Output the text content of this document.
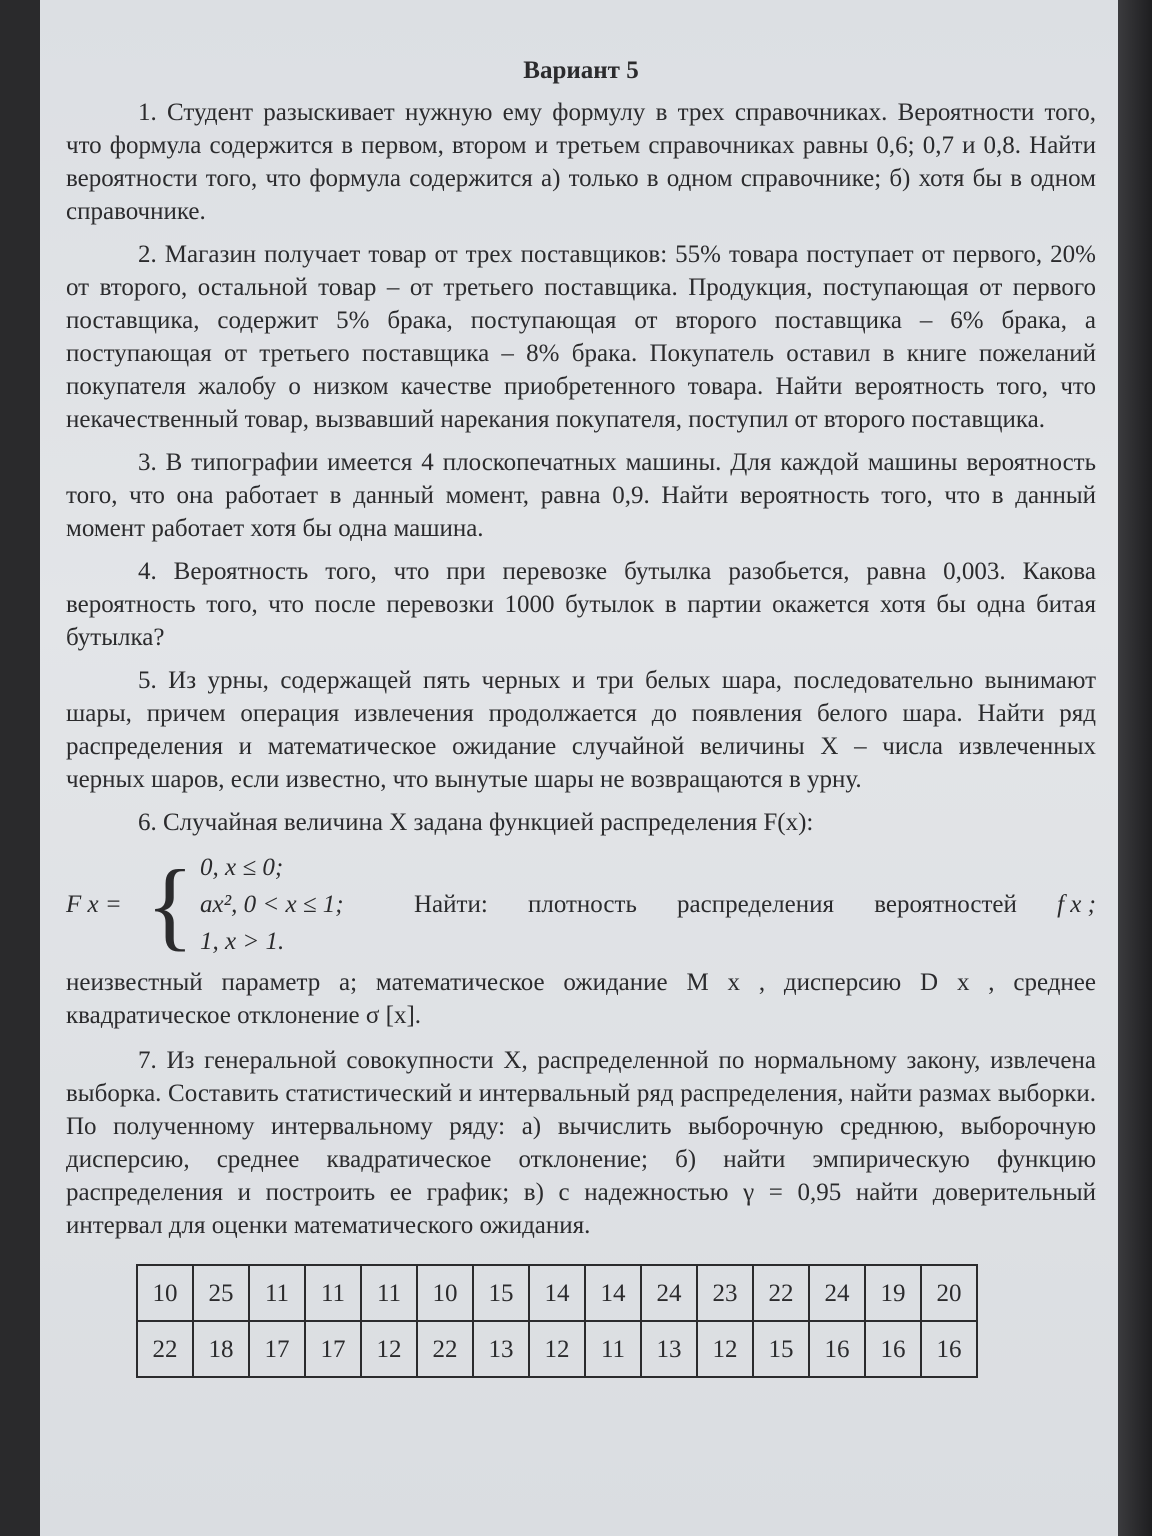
Вариант 5

1. Студент разыскивает нужную ему формулу в трех справочниках. Вероятности того, что формула содержится в первом, втором и третьем справочниках равны 0,6; 0,7 и 0,8. Найти вероятности того, что формула содержится а) только в одном справочнике; б) хотя бы в одном справочнике.

2. Магазин получает товар от трех поставщиков: 55% товара поступает от первого, 20% от второго, остальной товар – от третьего поставщика. Продукция, поступающая от первого поставщика, содержит 5% брака, поступающая от второго поставщика – 6% брака, а поступающая от третьего поставщика – 8% брака. Покупатель оставил в книге пожеланий покупателя жалобу о низком качестве приобретенного товара. Найти вероятность того, что некачественный товар, вызвавший нарекания покупателя, поступил от второго поставщика.

3. В типографии имеется 4 плоскопечатных машины. Для каждой машины вероятность того, что она работает в данный момент, равна 0,9. Найти вероятность того, что в данный момент работает хотя бы одна машина.

4. Вероятность того, что при перевозке бутылка разобьется, равна 0,003. Какова вероятность того, что после перевозки 1000 бутылок в партии окажется хотя бы одна битая бутылка?

5. Из урны, содержащей пять черных и три белых шара, последовательно вынимают шары, причем операция извлечения продолжается до появления белого шара. Найти ряд распределения и математическое ожидание случайной величины X – числа извлеченных черных шаров, если известно, что вынутые шары не возвращаются в урну.

6. Случайная величина X задана функцией распределения F(x):

F x = { 0, x ≤ 0;
ax², 0 < x ≤ 1;
1, x > 1.
Найти: плотность распределения вероятностей f x ;

неизвестный параметр a; математическое ожидание M x , дисперсию D x , среднее квадратическое отклонение σ [x].

7. Из генеральной совокупности X, распределенной по нормальному закону, извлечена выборка. Составить статистический и интервальный ряд распределения, найти размах выборки. По полученному интервальному ряду: а) вычислить выборочную среднюю, выборочную дисперсию, среднее квадратическое отклонение; б) найти эмпирическую функцию распределения и построить ее график; в) с надежностью γ = 0,95 найти доверительный интервал для оценки математического ожидания.

10	25	11	11	11	10	15	14	14	24	23	22	24	19	20
22	18	17	17	12	22	13	12	11	13	12	15	16	16	16
